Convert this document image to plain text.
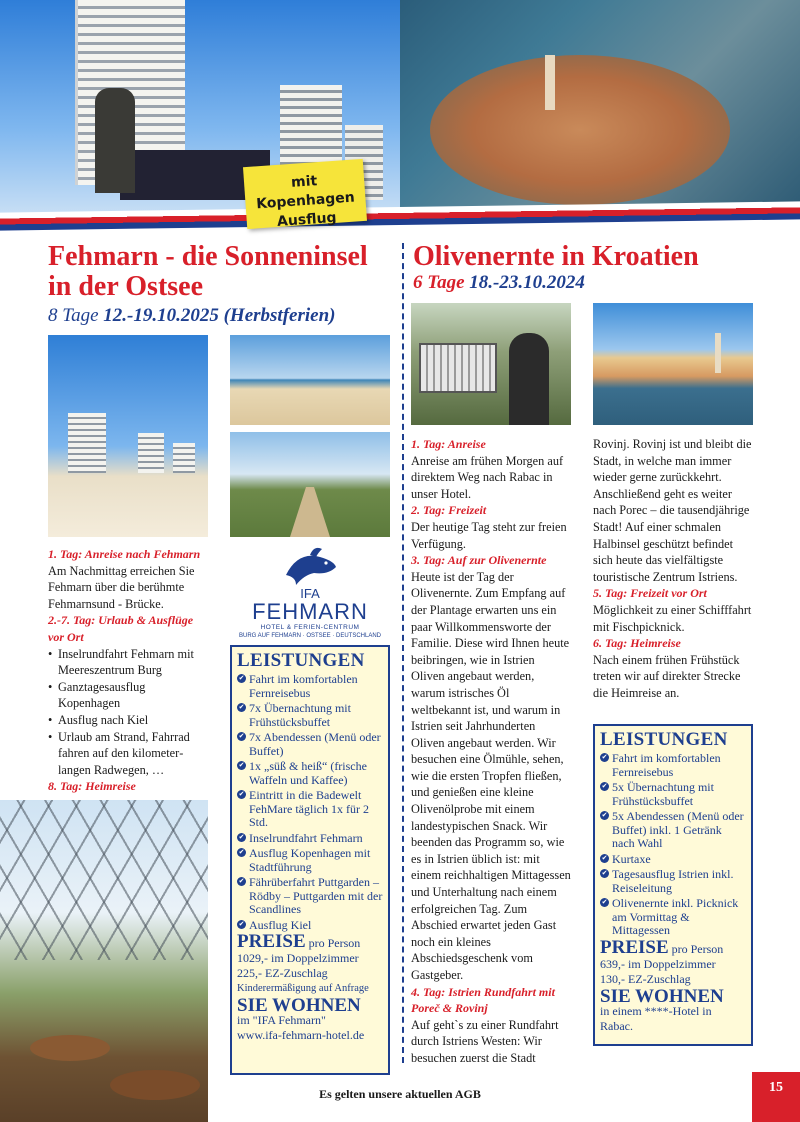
mit Kopenhagen
Ausflug
Fehmarn - die Sonneninsel
in der Ostsee
8 Tage 12.-19.10.2025 (Herbstferien)
1. Tag: Anreise nach Fehmarn
Am Nachmittag erreichen Sie Fehmarn über die berühmte Fehmarnsund - Brücke.
2.-7. Tag: Urlaub & Ausflüge vor Ort
• Inselrundfahrt Fehmarn mit Meereszentrum Burg
• Ganztagesausflug Kopenhagen
• Ausflug nach Kiel
• Urlaub am Strand, Fahrrad fahren auf den kilometerlangen Radwegen, …
8. Tag: Heimreise
IFA
FEHMARN
HOTEL & FERIEN-CENTRUM
BURG AUF FEHMARN · OSTSEE · DEUTSCHLAND
LEISTUNGEN
✔ Fahrt im komfortablen Fernreisebus
✔ 7x Übernachtung mit Frühstücksbuffet
✔ 7x Abendessen (Menü oder Buffet)
✔ 1x „süß & heiß“ (frische Waffeln und Kaffee)
✔ Eintritt in die Badewelt FehMare täglich 1x für 2 Std.
✔ Inselrundfahrt Fehmarn
✔ Ausflug Kopenhagen mit Stadtführung
✔ Fährüberfahrt Puttgarden – Rödby – Puttgarden mit der Scandlines
✔ Ausflug Kiel
PREISE pro Person
1029,- im Doppelzimmer
225,- EZ-Zuschlag
Kinderermäßigung auf Anfrage
SIE WOHNEN
im "IFA Fehmarn"
www.ifa-fehmarn-hotel.de
Olivenernte in Kroatien
6 Tage 18.-23.10.2024
1. Tag: Anreise
Anreise am frühen Morgen auf direktem Weg nach Rabac in unser Hotel.
2. Tag: Freizeit
Der heutige Tag steht zur freien Verfügung.
3. Tag: Auf zur Olivenernte
Heute ist der Tag der Olivenernte. Zum Empfang auf der Plantage erwarten uns ein paar Willkommensworte der Familie. Diese wird Ihnen heute beibringen, wie in Istrien Oliven angebaut werden, warum istrisches Öl weltbekannt ist, und warum in Istrien seit Jahrhunderten Oliven angebaut werden. Wir besuchen eine Ölmühle, sehen, wie die ersten Tropfen fließen, und genießen eine kleine Olivenölprobe mit einem landestypischen Snack. Wir beenden das Programm so, wie es in Istrien üblich ist: mit einem reichhaltigen Mittagessen und Unterhaltung nach einem erfolgreichen Tag. Zum Abschied erwartet jeden Gast noch ein kleines Abschiedsgeschenk vom Gastgeber.
4. Tag: Istrien Rundfahrt mit Poreč & Rovinj
Auf geht`s zu einer Rundfahrt durch Istriens Westen: Wir besuchen zuerst die Stadt
Rovinj. Rovinj ist und bleibt die Stadt, in welche man immer wieder gerne zurückkehrt. Anschließend geht es weiter nach Porec – die tausendjährige Stadt! Auf einer schmalen Halbinsel geschützt befindet sich heute das vielfältigste touristische Zentrum Istriens.
5. Tag: Freizeit vor Ort
Möglichkeit zu einer Schifffahrt mit Fischpicknick.
6. Tag: Heimreise
Nach einem frühen Frühstück treten wir auf direkter Strecke die Heimreise an.
LEISTUNGEN
✔ Fahrt im komfortablen Fernreisebus
✔ 5x Übernachtung mit Frühstücksbuffet
✔ 5x Abendessen (Menü oder Buffet) inkl. 1 Getränk nach Wahl
✔ Kurtaxe
✔ Tagesausflug Istrien inkl. Reiseleitung
✔ Olivenernte inkl. Picknick am Vormittag & Mittagessen
PREISE pro Person
639,- im Doppelzimmer
130,- EZ-Zuschlag
SIE WOHNEN
in einem ****-Hotel in Rabac.
Es gelten unsere aktuellen AGB	15
